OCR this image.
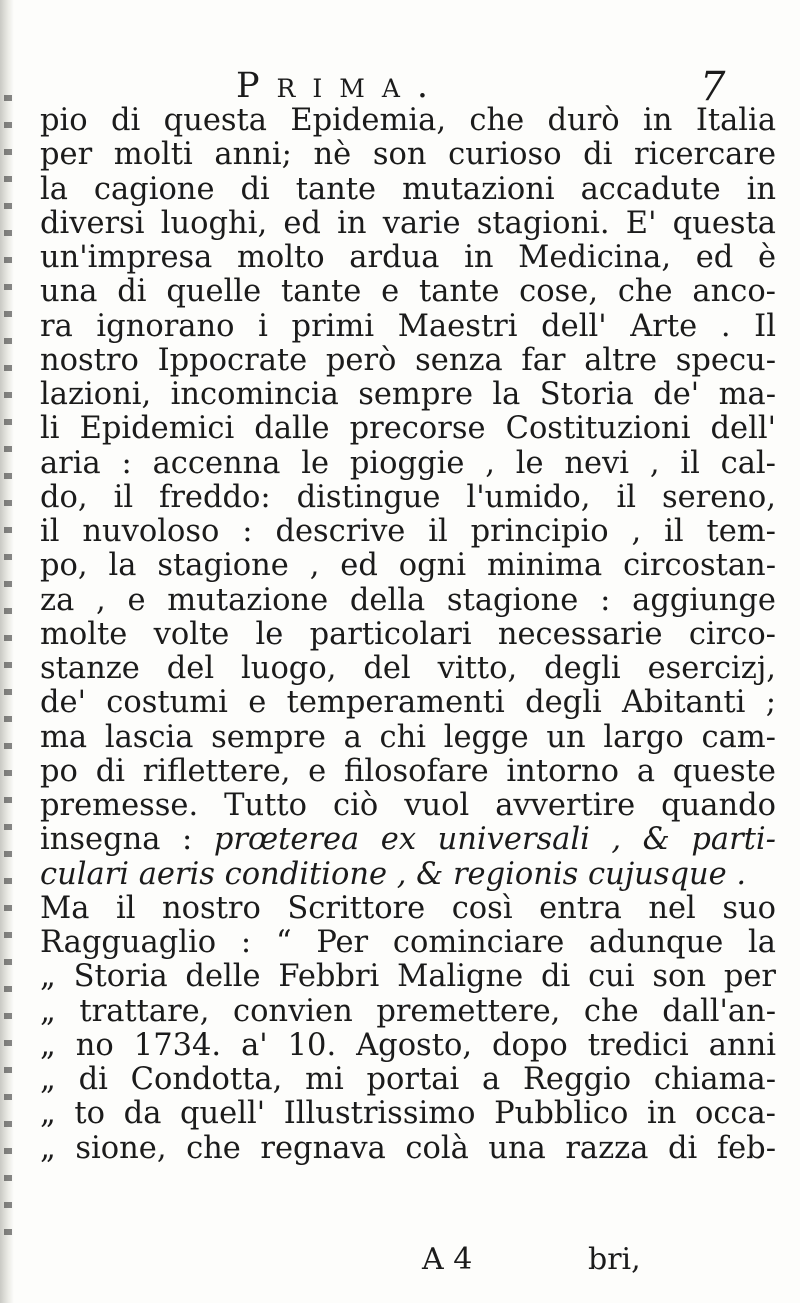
Prima.	7
pio di questa Epidemia, che durò in Italia
per molti anni; nè son curioso di ricercare
la cagione di tante mutazioni accadute in
diversi luoghi, ed in varie stagioni. E' questa
un'impresa molto ardua in Medicina, ed è
una di quelle tante e tante cose, che anco-
ra ignorano i primi Maestri dell' Arte . Il
nostro Ippocrate però senza far altre specu-
lazioni, incomincia sempre la Storia de' ma-
li Epidemici dalle precorse Costituzioni dell'
aria : accenna le pioggie , le nevi , il cal-
do, il freddo: distingue l'umido, il sereno,
il nuvoloso : descrive il principio , il tem-
po, la stagione , ed ogni minima circostan-
za , e mutazione della stagione : aggiunge
molte volte le particolari necessarie circo-
stanze del luogo, del vitto, degli esercizj,
de' costumi e temperamenti degli Abitanti ;
ma lascia sempre a chi legge un largo cam-
po di riflettere, e filosofare intorno a queste
premesse. Tutto ciò vuol avvertire quando
insegna : prœterea ex universali , & parti-
culari aeris conditione , & regionis cujusque .
Ma il nostro Scrittore così entra nel suo
Ragguaglio : “ Per cominciare adunque la
„ Storia delle Febbri Maligne di cui son per
„ trattare, convien premettere, che dall'an-
„ no 1734. a' 10. Agosto, dopo tredici anni
„ di Condotta, mi portai a Reggio chiama-
„ to da quell' Illustrissimo Pubblico in occa-
„ sione, che regnava colà una razza di feb-
A 4	bri,
